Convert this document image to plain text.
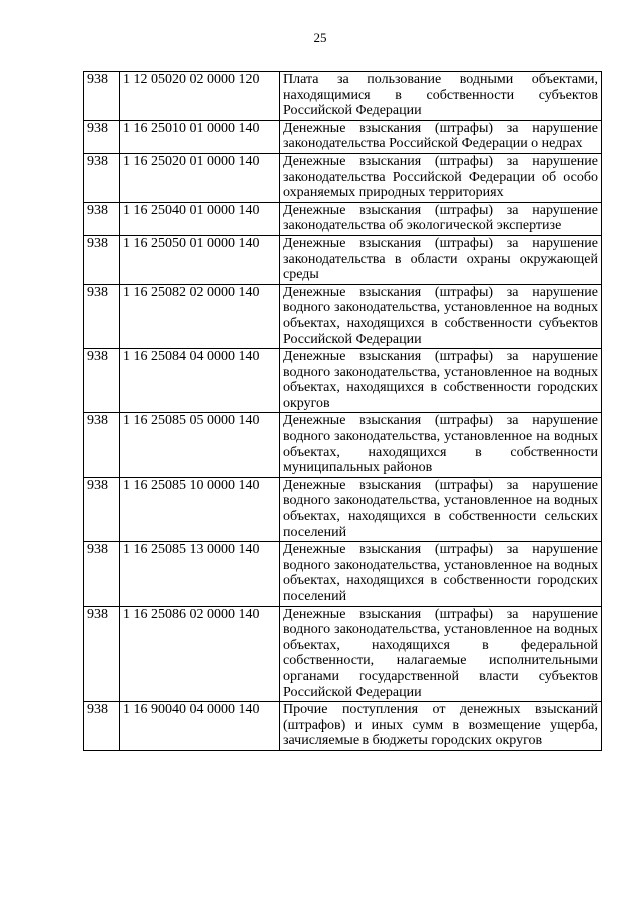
25
938	1 12 05020 02 0000 120	Плата за пользование водными объектами, находящимися в собственности субъектов Российской Федерации
938	1 16 25010 01 0000 140	Денежные взыскания (штрафы) за нарушение законодательства Российской Федерации о недрах
938	1 16 25020 01 0000 140	Денежные взыскания (штрафы) за нарушение законодательства Российской Федерации об особо охраняемых природных территориях
938	1 16 25040 01 0000 140	Денежные взыскания (штрафы) за нарушение законодательства об экологической экспертизе
938	1 16 25050 01 0000 140	Денежные взыскания (штрафы) за нарушение законодательства в области охраны окружающей среды
938	1 16 25082 02 0000 140	Денежные взыскания (штрафы) за нарушение водного законодательства, установленное на водных объектах, находящихся в собственности субъектов Российской Федерации
938	1 16 25084 04 0000 140	Денежные взыскания (штрафы) за нарушение водного законодательства, установленное на водных объектах, находящихся в собственности городских округов
938	1 16 25085 05 0000 140	Денежные взыскания (штрафы) за нарушение водного законодательства, установленное на водных объектах, находящихся в собственности муниципальных районов
938	1 16 25085 10 0000 140	Денежные взыскания (штрафы) за нарушение водного законодательства, установленное на водных объектах, находящихся в собственности сельских поселений
938	1 16 25085 13 0000 140	Денежные взыскания (штрафы) за нарушение водного законодательства, установленное на водных объектах, находящихся в собственности городских поселений
938	1 16 25086 02 0000 140	Денежные взыскания (штрафы) за нарушение водного законодательства, установленное на водных объектах, находящихся в федеральной собственности, налагаемые исполнительными органами государственной власти субъектов Российской Федерации
938	1 16 90040 04 0000 140	Прочие поступления от денежных взысканий (штрафов) и иных сумм в возмещение ущерба, зачисляемые в бюджеты городских округов
